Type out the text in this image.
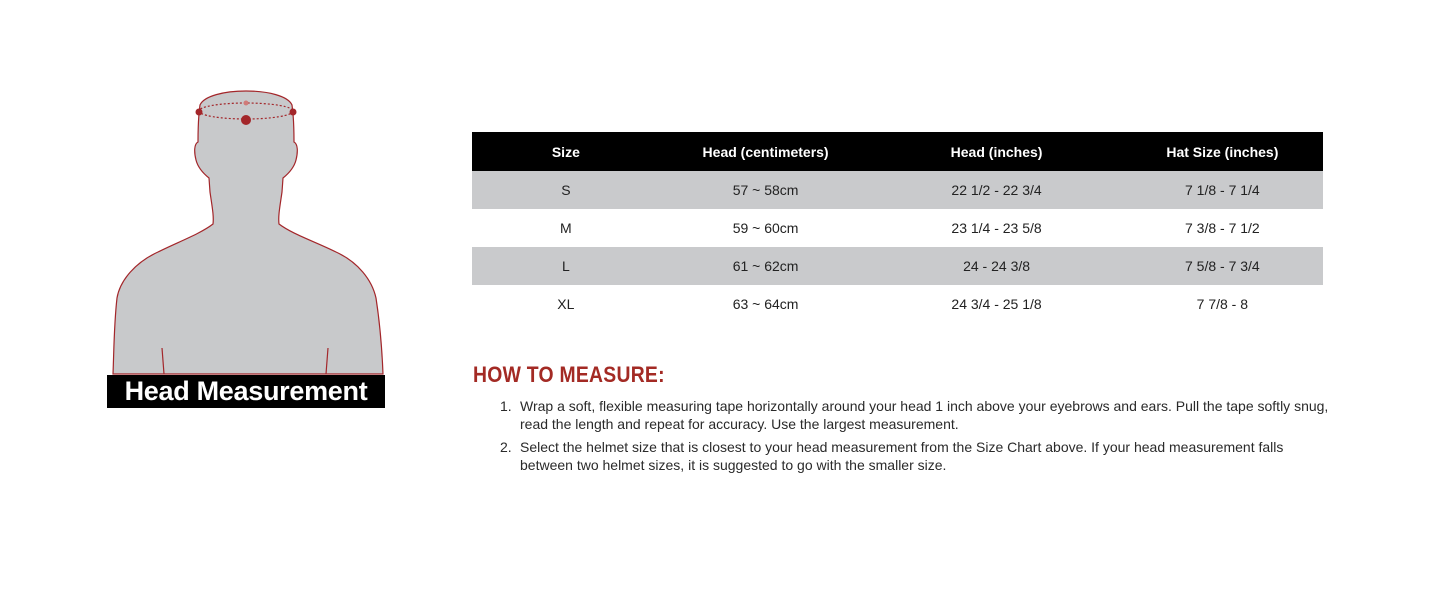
Head Measurement
Size	Head (centimeters)	Head (inches)	Hat Size (inches)
S	57 ~ 58cm	22 1/2 - 22 3/4	7 1/8 - 7 1/4
M	59 ~ 60cm	23 1/4 - 23 5/8	7 3/8 - 7 1/2
L	61 ~ 62cm	24 - 24 3/8	7 5/8 - 7 3/4
XL	63 ~ 64cm	24 3/4 - 25 1/8	7 7/8 - 8
HOW TO MEASURE:
1. Wrap a soft, flexible measuring tape horizontally around your head 1 inch above your eyebrows and ears. Pull the tape softly snug, read the length and repeat for accuracy. Use the largest measurement.
2. Select the helmet size that is closest to your head measurement from the Size Chart above. If your head measurement falls between two helmet sizes, it is suggested to go with the smaller size.
